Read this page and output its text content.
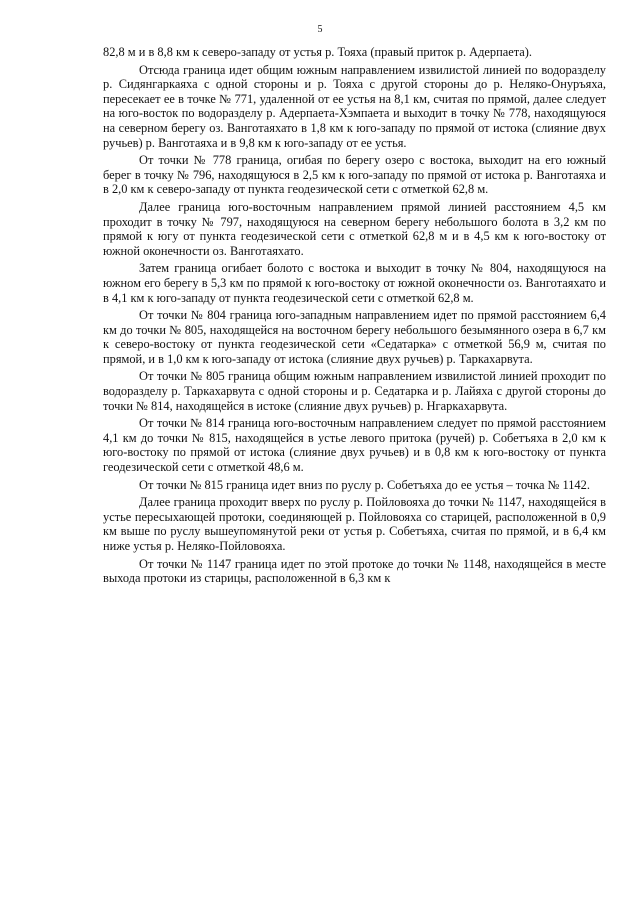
5

82,8 м и в 8,8 км к северо-западу от устья р. Тояха (правый приток р. Адерпаета).

Отсюда граница идет общим южным направлением извилистой линией по водоразделу р. Сидянгаркаяха с одной стороны и р. Тояха с другой стороны до р. Неляко-Онуръяха, пересекает ее в точке № 771, удаленной от ее устья на 8,1 км, считая по прямой, далее следует на юго-восток по водоразделу р. Адерпаета-Хэмпаета и выходит в точку № 778, находящуюся на северном берегу оз. Ванготаяхато в 1,8 км к юго-западу по прямой от истока (слияние двух ручьев) р. Ванготаяха и в 9,8 км к юго-западу от ее устья.

От точки № 778 граница, огибая по берегу озеро с востока, выходит на его южный берег в точку № 796, находящуюся в 2,5 км к юго-западу по прямой от истока р. Ванготаяха и в 2,0 км к северо-западу от пункта геодезической сети с отметкой 62,8 м.

Далее граница юго-восточным направлением прямой линией расстоянием 4,5 км проходит в точку № 797, находящуюся на северном берегу небольшого болота в 3,2 км по прямой к югу от пункта геодезической сети с отметкой 62,8 м и в 4,5 км к юго-востоку от южной оконечности оз. Ванготаяхато.

Затем граница огибает болото с востока и выходит в точку № 804, находящуюся на южном его берегу в 5,3 км по прямой к юго-востоку от южной оконечности оз. Ванготаяхато и в 4,1 км к юго-западу от пункта геодезической сети с отметкой 62,8 м.

От точки № 804 граница юго-западным направлением идет по прямой расстоянием 6,4 км до точки № 805, находящейся на восточном берегу небольшого безымянного озера в 6,7 км к северо-востоку от пункта геодезической сети «Седатарка» с отметкой 56,9 м, считая по прямой, и в 1,0 км к юго-западу от истока (слияние двух ручьев) р. Таркахарвута.

От точки № 805 граница общим южным направлением извилистой линией проходит по водоразделу р. Таркахарвута с одной стороны и р. Седатарка и р. Лайяха с другой стороны до точки № 814, находящейся в истоке (слияние двух ручьев) р. Нгаркахарвута.

От точки № 814 граница юго-восточным направлением следует по прямой расстоянием 4,1 км до точки № 815, находящейся в устье левого притока (ручей) р. Собетъяха в 2,0 км к юго-востоку по прямой от истока (слияние двух ручьев) и в 0,8 км к юго-востоку от пункта геодезической сети с отметкой 48,6 м.

От точки № 815 граница идет вниз по руслу р. Собетъяха до ее устья – точка № 1142.

Далее граница проходит вверх по руслу р. Пойловояха до точки № 1147, находящейся в устье пересыхающей протоки, соединяющей р. Пойловояха со старицей, расположенной в 0,9 км выше по руслу вышеупомянутой реки от устья р. Собетъяха, считая по прямой, и в 6,4 км ниже устья р. Неляко-Пойловояха.

От точки № 1147 граница идет по этой протоке до точки № 1148, находящейся в месте выхода протоки из старицы, расположенной в 6,3 км к
